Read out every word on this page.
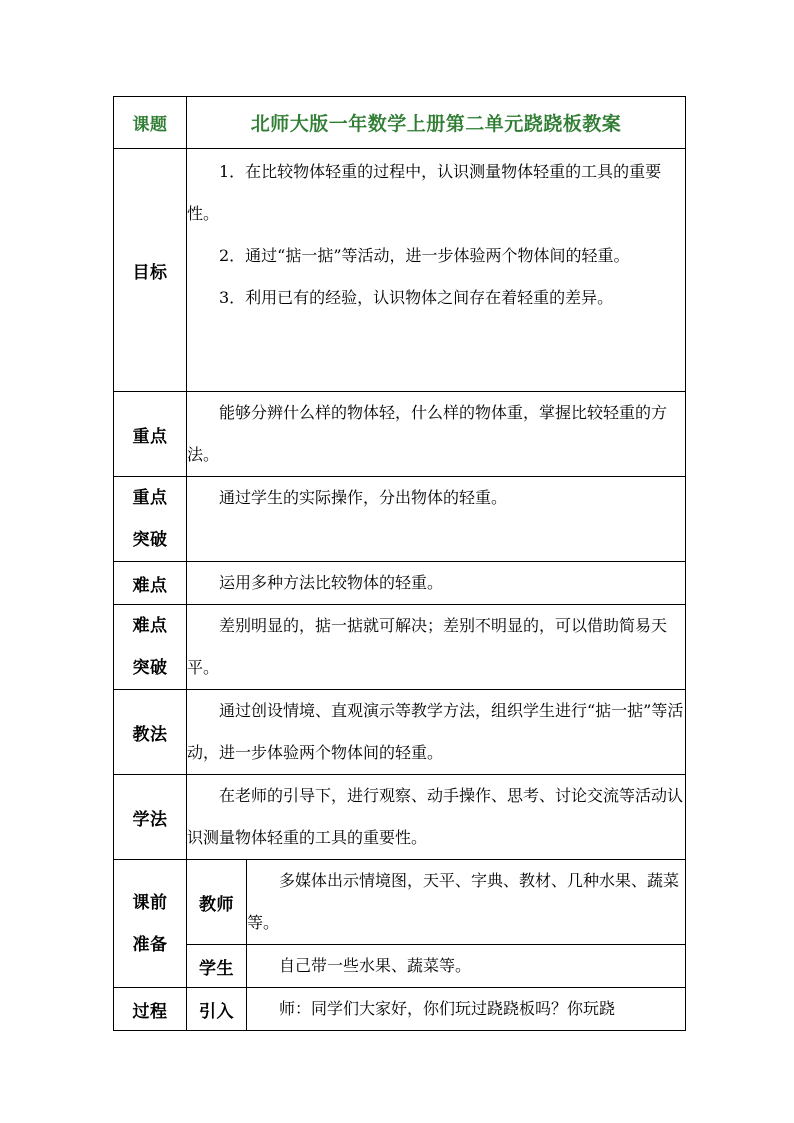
课题	北师大版一年数学上册第二单元跷跷板教案	
目标	1．在比较物体轻重的过程中，认识测量物体轻重的工具的重要性。

2．通过“掂一掂”等活动，进一步体验两个物体间的轻重。

3．利用已有的经验，认识物体之间存在着轻重的差异。	

重点	能够分辨什么样的物体轻，什么样的物体重，掌握比较轻重的方法。	

重点
突破	通过学生的实际操作，分出物体的轻重。	

难点	运用多种方法比较物体的轻重。	

难点
突破	差别明显的，掂一掂就可解决；差别不明显的，可以借助简易天平。	

教法	通过创设情境、直观演示等教学方法，组织学生进行“掂一掂”等活动，进一步体验两个物体间的轻重。	

学法	在老师的引导下，进行观察、动手操作、思考、讨论交流等活动认识测量物体轻重的工具的重要性。	

课前
准备	教师	多媒体出示情境图，天平、字典、教材、几种水果、蔬菜等。

	学生	自己带一些水果、蔬菜等。

过程	引入	师：同学们大家好，你们玩过跷跷板吗？你玩跷
